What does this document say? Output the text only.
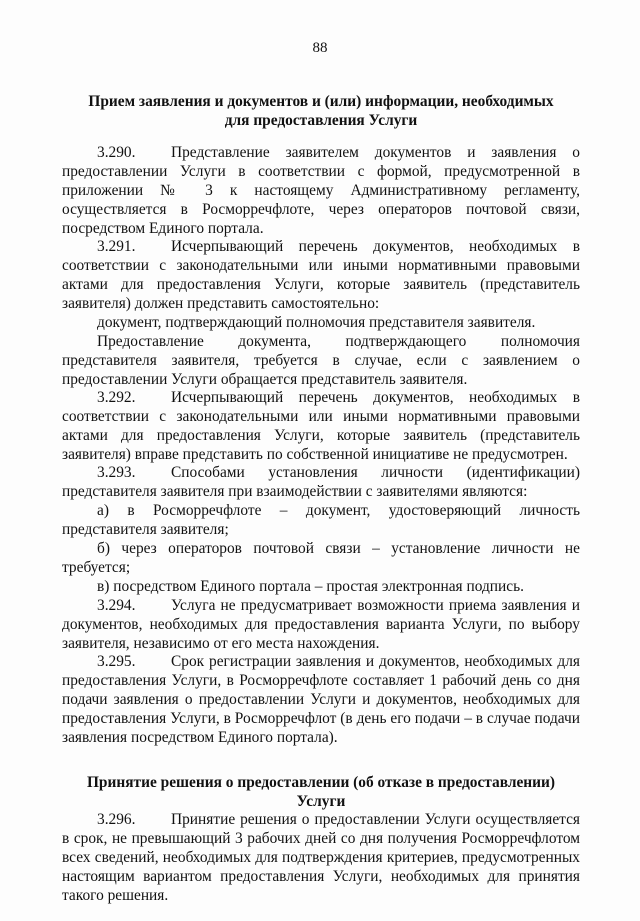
88
Прием заявления и документов и (или) информации, необходимых
для предоставления Услуги
3.290. Представление заявителем документов и заявления о
предоставлении Услуги в соответствии с формой, предусмотренной в
приложении № 3 к настоящему Административному регламенту,
осуществляется в Росморречфлоте, через операторов почтовой связи,
посредством Единого портала.
3.291. Исчерпывающий перечень документов, необходимых в
соответствии с законодательными или иными нормативными правовыми
актами для предоставления Услуги, которые заявитель (представитель
заявителя) должен представить самостоятельно:
документ, подтверждающий полномочия представителя заявителя.
Предоставление документа, подтверждающего полномочия
представителя заявителя, требуется в случае, если с заявлением о
предоставлении Услуги обращается представитель заявителя.
3.292. Исчерпывающий перечень документов, необходимых в
соответствии с законодательными или иными нормативными правовыми
актами для предоставления Услуги, которые заявитель (представитель
заявителя) вправе представить по собственной инициативе не предусмотрен.
3.293. Способами установления личности (идентификации)
представителя заявителя при взаимодействии с заявителями являются:
а) в Росморречфлоте – документ, удостоверяющий личность
представителя заявителя;
б) через операторов почтовой связи – установление личности не
требуется;
в) посредством Единого портала – простая электронная подпись.
3.294. Услуга не предусматривает возможности приема заявления и
документов, необходимых для предоставления варианта Услуги, по выбору
заявителя, независимо от его места нахождения.
3.295. Срок регистрации заявления и документов, необходимых для
предоставления Услуги, в Росморречфлоте составляет 1 рабочий день со дня
подачи заявления о предоставлении Услуги и документов, необходимых для
предоставления Услуги, в Росморречфлот (в день его подачи – в случае подачи
заявления посредством Единого портала).
Принятие решения о предоставлении (об отказе в предоставлении) Услуги
3.296. Принятие решения о предоставлении Услуги осуществляется
в срок, не превышающий 3 рабочих дней со дня получения Росморречфлотом
всех сведений, необходимых для подтверждения критериев, предусмотренных
настоящим вариантом предоставления Услуги, необходимых для принятия
такого решения.
